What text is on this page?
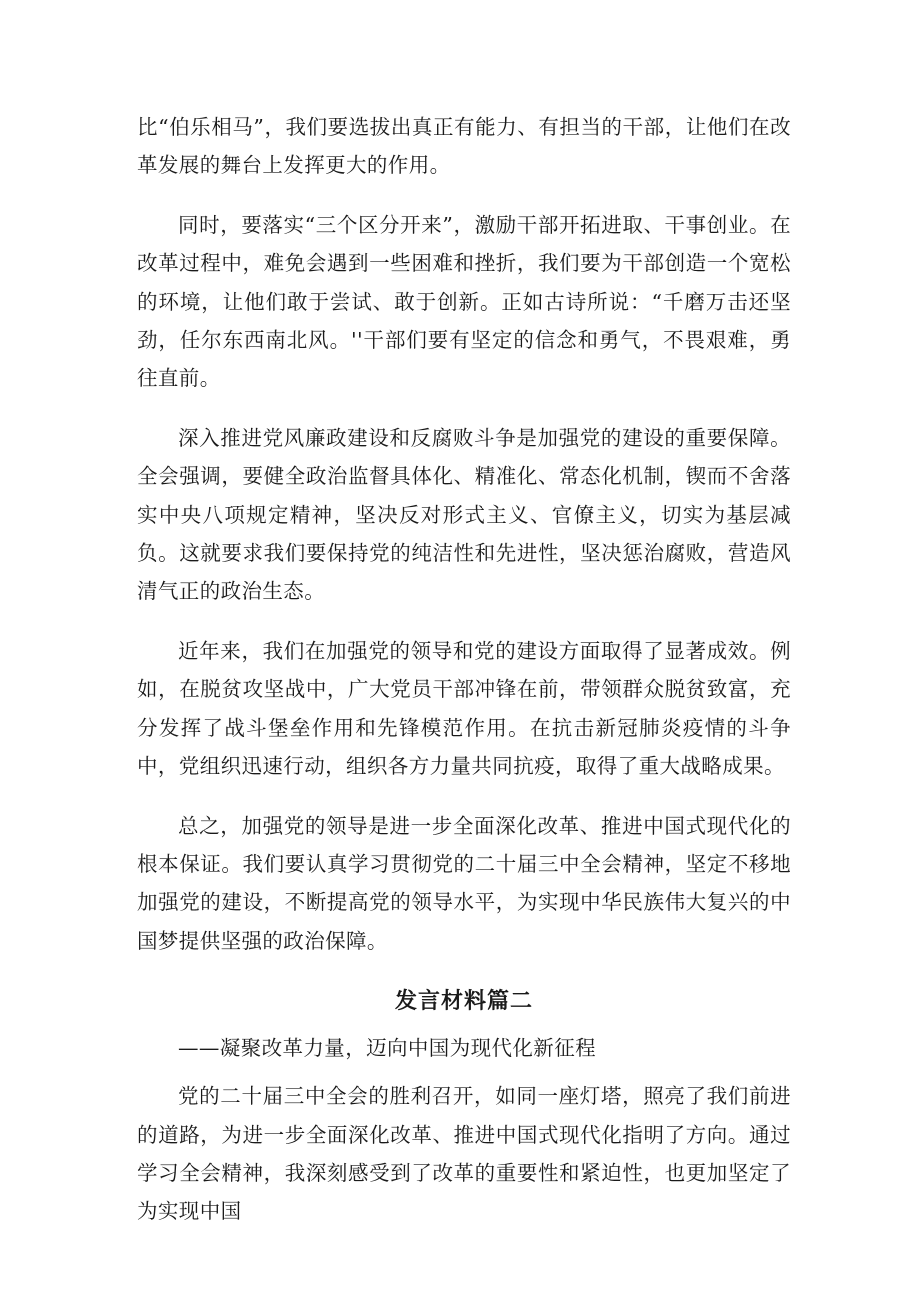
比“伯乐相马”，我们要选拔出真正有能力、有担当的干部，让他们在改革发展的舞台上发挥更大的作用。

同时，要落实“三个区分开来”，激励干部开拓进取、干事创业。在改革过程中，难免会遇到一些困难和挫折，我们要为干部创造一个宽松的环境，让他们敢于尝试、敢于创新。正如古诗所说：“千磨万击还坚劲，任尔东西南北风。''干部们要有坚定的信念和勇气，不畏艰难，勇往直前。

深入推进党风廉政建设和反腐败斗争是加强党的建设的重要保障。全会强调，要健全政治监督具体化、精准化、常态化机制，锲而不舍落实中央八项规定精神，坚决反对形式主义、官僚主义，切实为基层减负。这就要求我们要保持党的纯洁性和先进性，坚决惩治腐败，营造风清气正的政治生态。

近年来，我们在加强党的领导和党的建设方面取得了显著成效。例如，在脱贫攻坚战中，广大党员干部冲锋在前，带领群众脱贫致富，充分发挥了战斗堡垒作用和先锋模范作用。在抗击新冠肺炎疫情的斗争中，党组织迅速行动，组织各方力量共同抗疫，取得了重大战略成果。

总之，加强党的领导是进一步全面深化改革、推进中国式现代化的根本保证。我们要认真学习贯彻党的二十届三中全会精神，坚定不移地加强党的建设，不断提高党的领导水平，为实现中华民族伟大复兴的中国梦提供坚强的政治保障。

发言材料篇二

——凝聚改革力量，迈向中国为现代化新征程

党的二十届三中全会的胜利召开，如同一座灯塔，照亮了我们前进的道路，为进一步全面深化改革、推进中国式现代化指明了方向。通过学习全会精神，我深刻感受到了改革的重要性和紧迫性，也更加坚定了为实现中国
